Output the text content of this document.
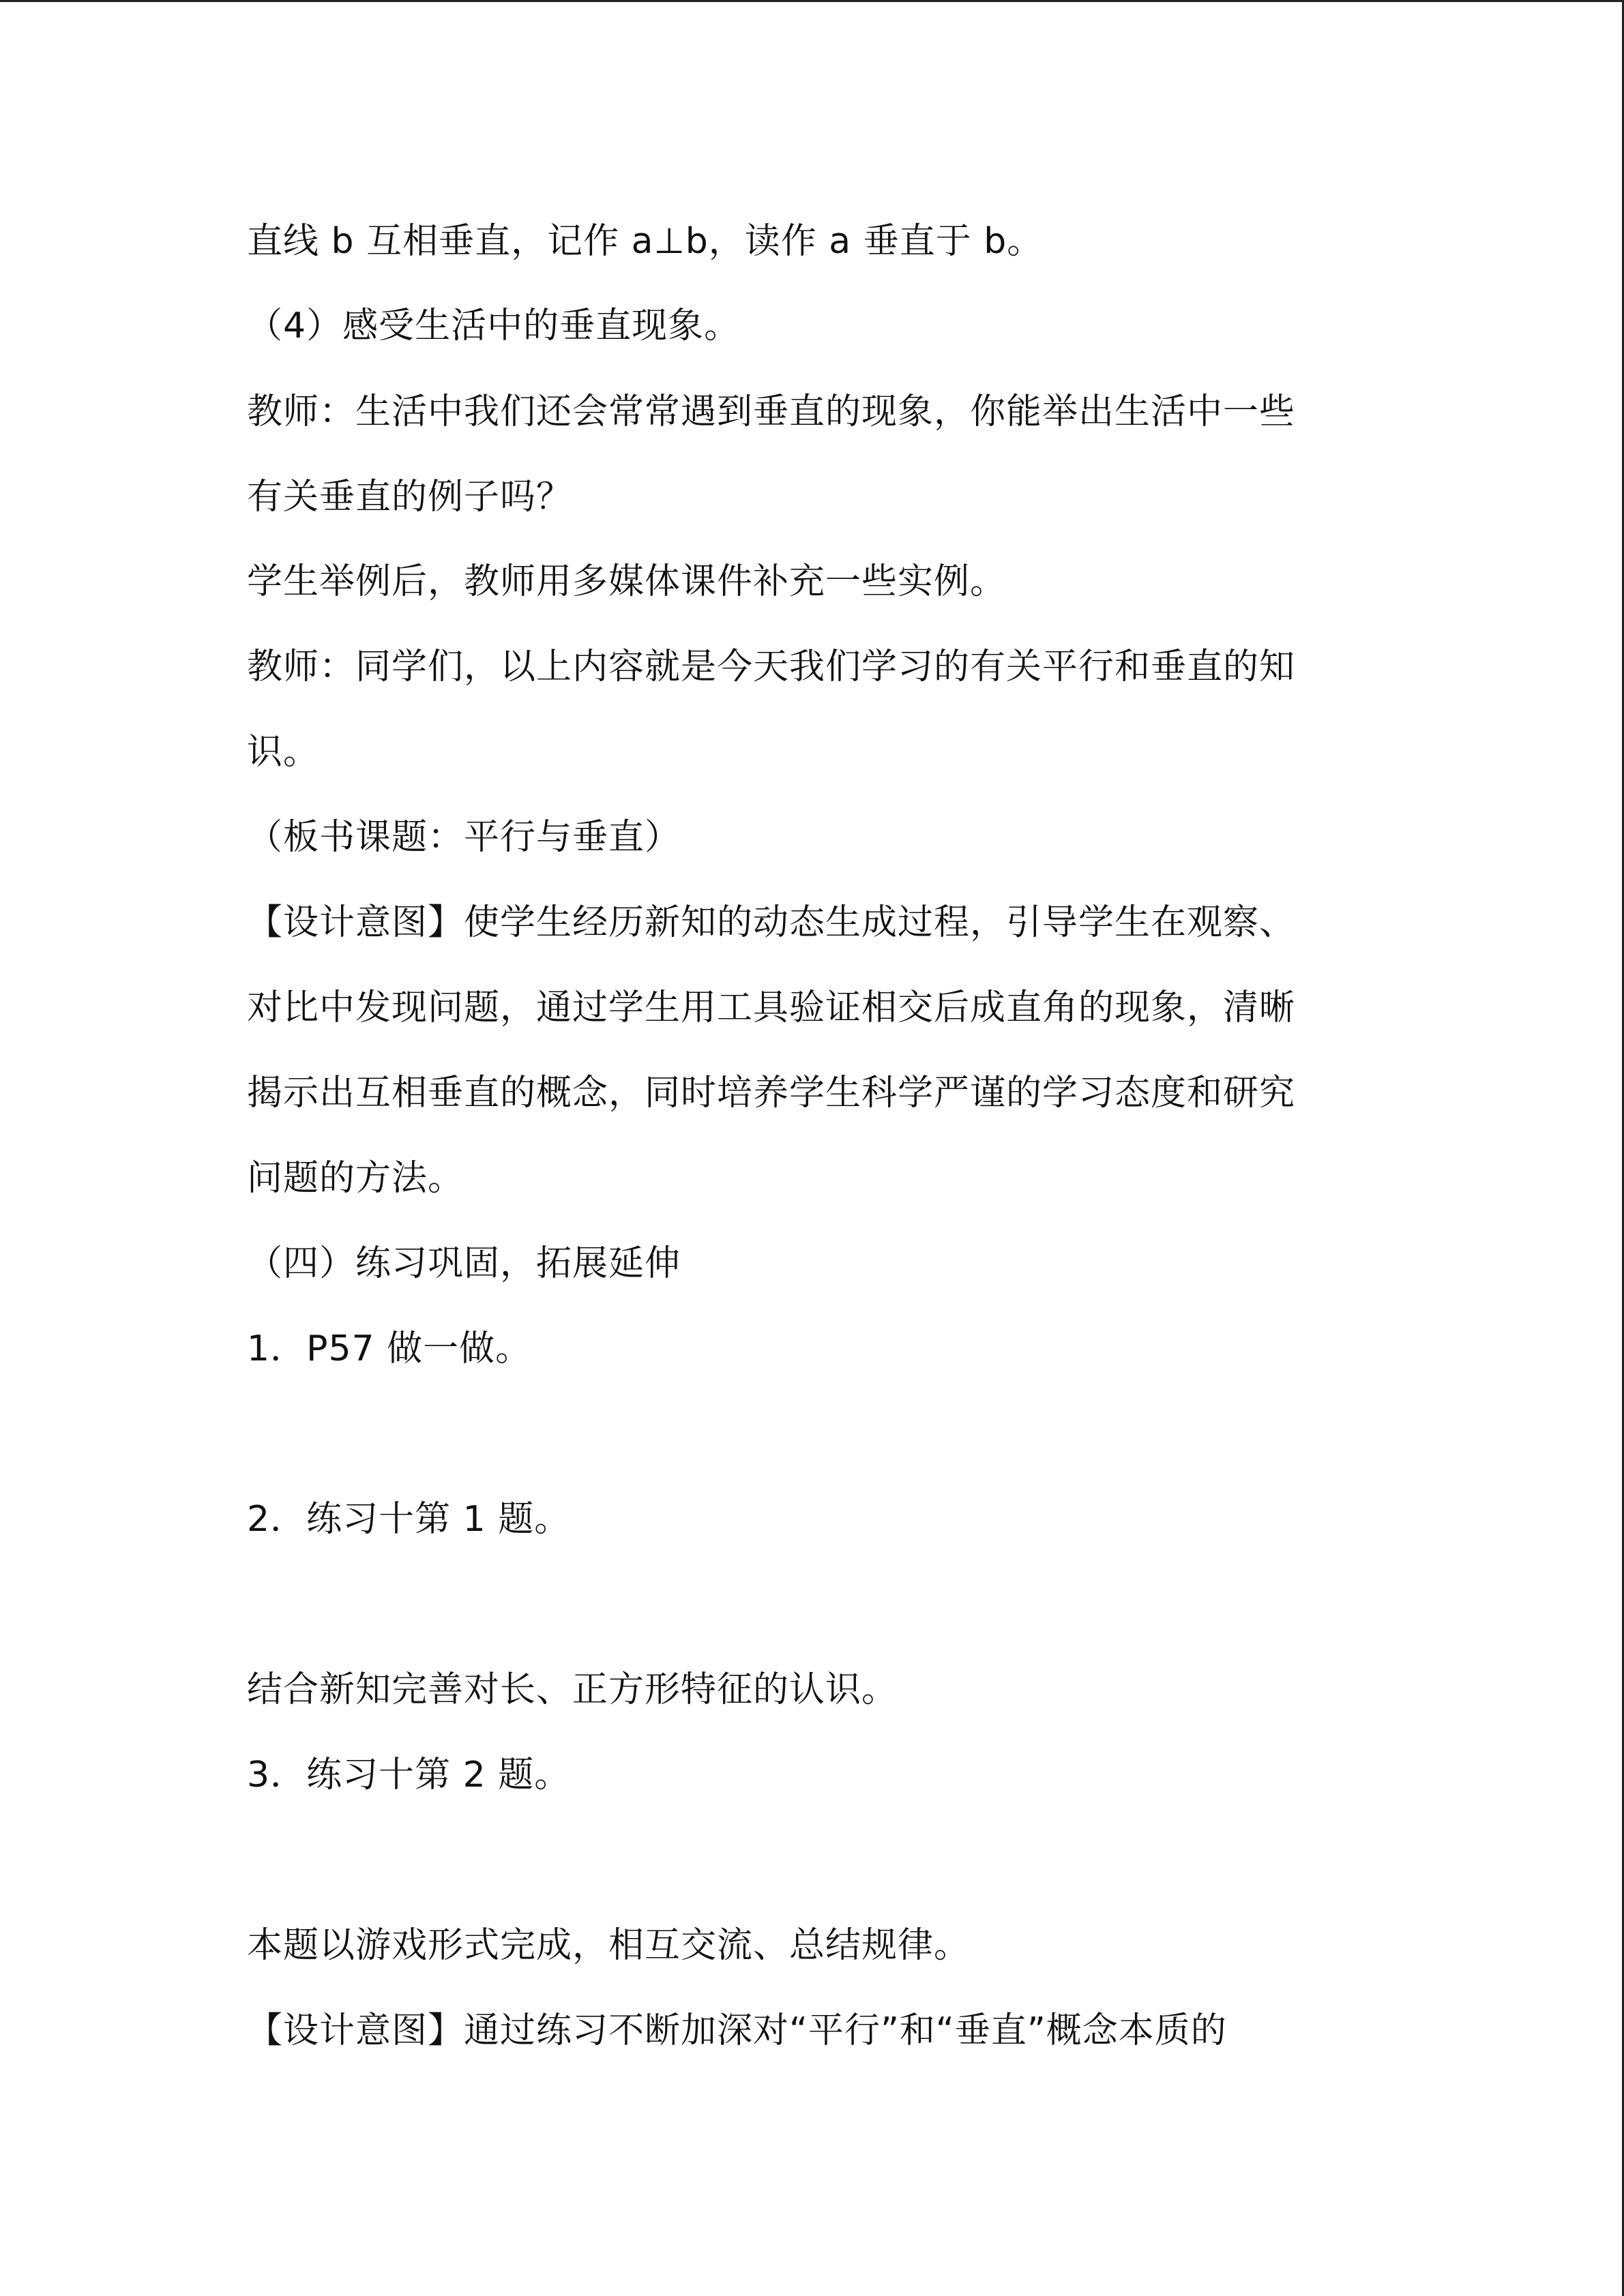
直线 b 互相垂直，记作 a⊥b，读作 a 垂直于 b。
（4）感受生活中的垂直现象。
教师：生活中我们还会常常遇到垂直的现象，你能举出生活中一些
有关垂直的例子吗？
学生举例后，教师用多媒体课件补充一些实例。
教师：同学们，以上内容就是今天我们学习的有关平行和垂直的知
识。
（板书课题：平行与垂直）
【设计意图】使学生经历新知的动态生成过程，引导学生在观察、
对比中发现问题，通过学生用工具验证相交后成直角的现象，清晰
揭示出互相垂直的概念，同时培养学生科学严谨的学习态度和研究
问题的方法。
（四）练习巩固，拓展延伸
1．P57 做一做。
2．练习十第 1 题。
结合新知完善对长、正方形特征的认识。
3．练习十第 2 题。
本题以游戏形式完成，相互交流、总结规律。
【设计意图】通过练习不断加深对“平行”和“垂直”概念本质的
